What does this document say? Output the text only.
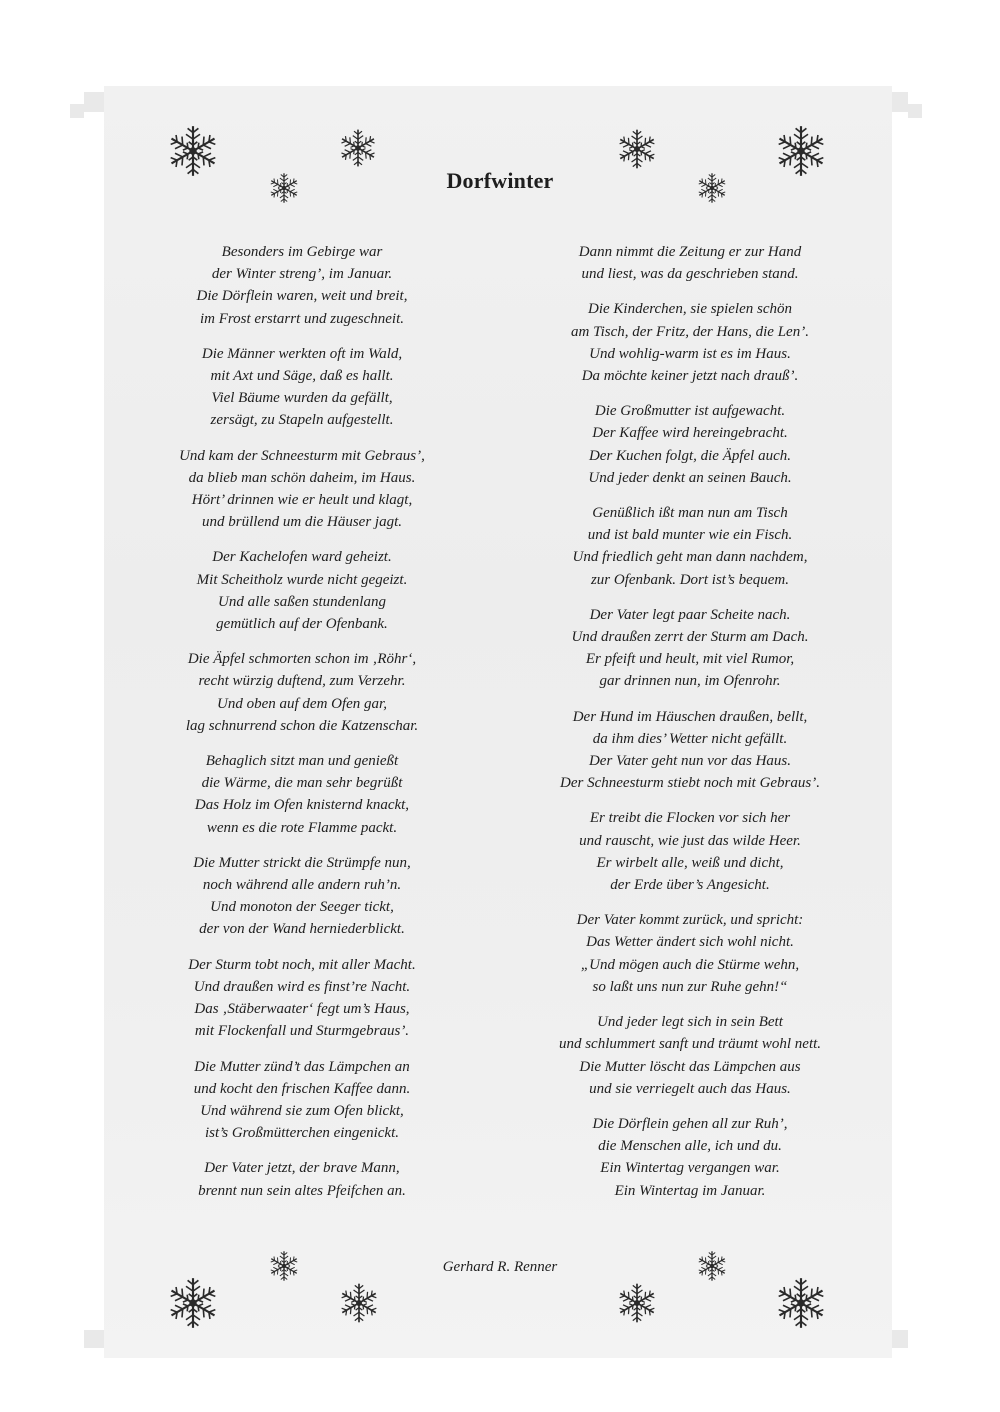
Dorfwinter
Besonders im Gebirge war
der Winter streng’, im Januar.
Die Dörflein waren, weit und breit,
im Frost erstarrt und zugeschneit.
Die Männer werkten oft im Wald,
mit Axt und Säge, daß es hallt.
Viel Bäume wurden da gefällt,
zersägt, zu Stapeln aufgestellt.
Und kam der Schneesturm mit Gebraus’,
da blieb man schön daheim, im Haus.
Hört’ drinnen wie er heult und klagt,
und brüllend um die Häuser jagt.
Der Kachelofen ward geheizt.
Mit Scheitholz wurde nicht gegeizt.
Und alle saßen stundenlang
gemütlich auf der Ofenbank.
Die Äpfel schmorten schon im ‚Röhr‘,
recht würzig duftend, zum Verzehr.
Und oben auf dem Ofen gar,
lag schnurrend schon die Katzenschar.
Behaglich sitzt man und genießt
die Wärme, die man sehr begrüßt
Das Holz im Ofen knisternd knackt,
wenn es die rote Flamme packt.
Die Mutter strickt die Strümpfe nun,
noch während alle andern ruh’n.
Und monoton der Seeger tickt,
der von der Wand herniederblickt.
Der Sturm tobt noch, mit aller Macht.
Und draußen wird es finst’re Nacht.
Das ‚Stäberwaater‘ fegt um’s Haus,
mit Flockenfall und Sturmgebraus’.
Die Mutter zünd’t das Lämpchen an
und kocht den frischen Kaffee dann.
Und während sie zum Ofen blickt,
ist’s Großmütterchen eingenickt.
Der Vater jetzt, der brave Mann,
brennt nun sein altes Pfeifchen an.
Dann nimmt die Zeitung er zur Hand
und liest, was da geschrieben stand.
Die Kinderchen, sie spielen schön
am Tisch, der Fritz, der Hans, die Len’.
Und wohlig-warm ist es im Haus.
Da möchte keiner jetzt nach drauß’.
Die Großmutter ist aufgewacht.
Der Kaffee wird hereingebracht.
Der Kuchen folgt, die Äpfel auch.
Und jeder denkt an seinen Bauch.
Genüßlich ißt man nun am Tisch
und ist bald munter wie ein Fisch.
Und friedlich geht man dann nachdem,
zur Ofenbank. Dort ist’s bequem.
Der Vater legt paar Scheite nach.
Und draußen zerrt der Sturm am Dach.
Er pfeift und heult, mit viel Rumor,
gar drinnen nun, im Ofenrohr.
Der Hund im Häuschen draußen, bellt,
da ihm dies’ Wetter nicht gefällt.
Der Vater geht nun vor das Haus.
Der Schneesturm stiebt noch mit Gebraus’.
Er treibt die Flocken vor sich her
und rauscht, wie just das wilde Heer.
Er wirbelt alle, weiß und dicht,
der Erde über’s Angesicht.
Der Vater kommt zurück, und spricht:
Das Wetter ändert sich wohl nicht.
„Und mögen auch die Stürme wehn,
so laßt uns nun zur Ruhe gehn!“
Und jeder legt sich in sein Bett
und schlummert sanft und träumt wohl nett.
Die Mutter löscht das Lämpchen aus
und sie verriegelt auch das Haus.
Die Dörflein gehen all zur Ruh’,
die Menschen alle, ich und du.
Ein Wintertag vergangen war.
Ein Wintertag im Januar.
Gerhard R. Renner
